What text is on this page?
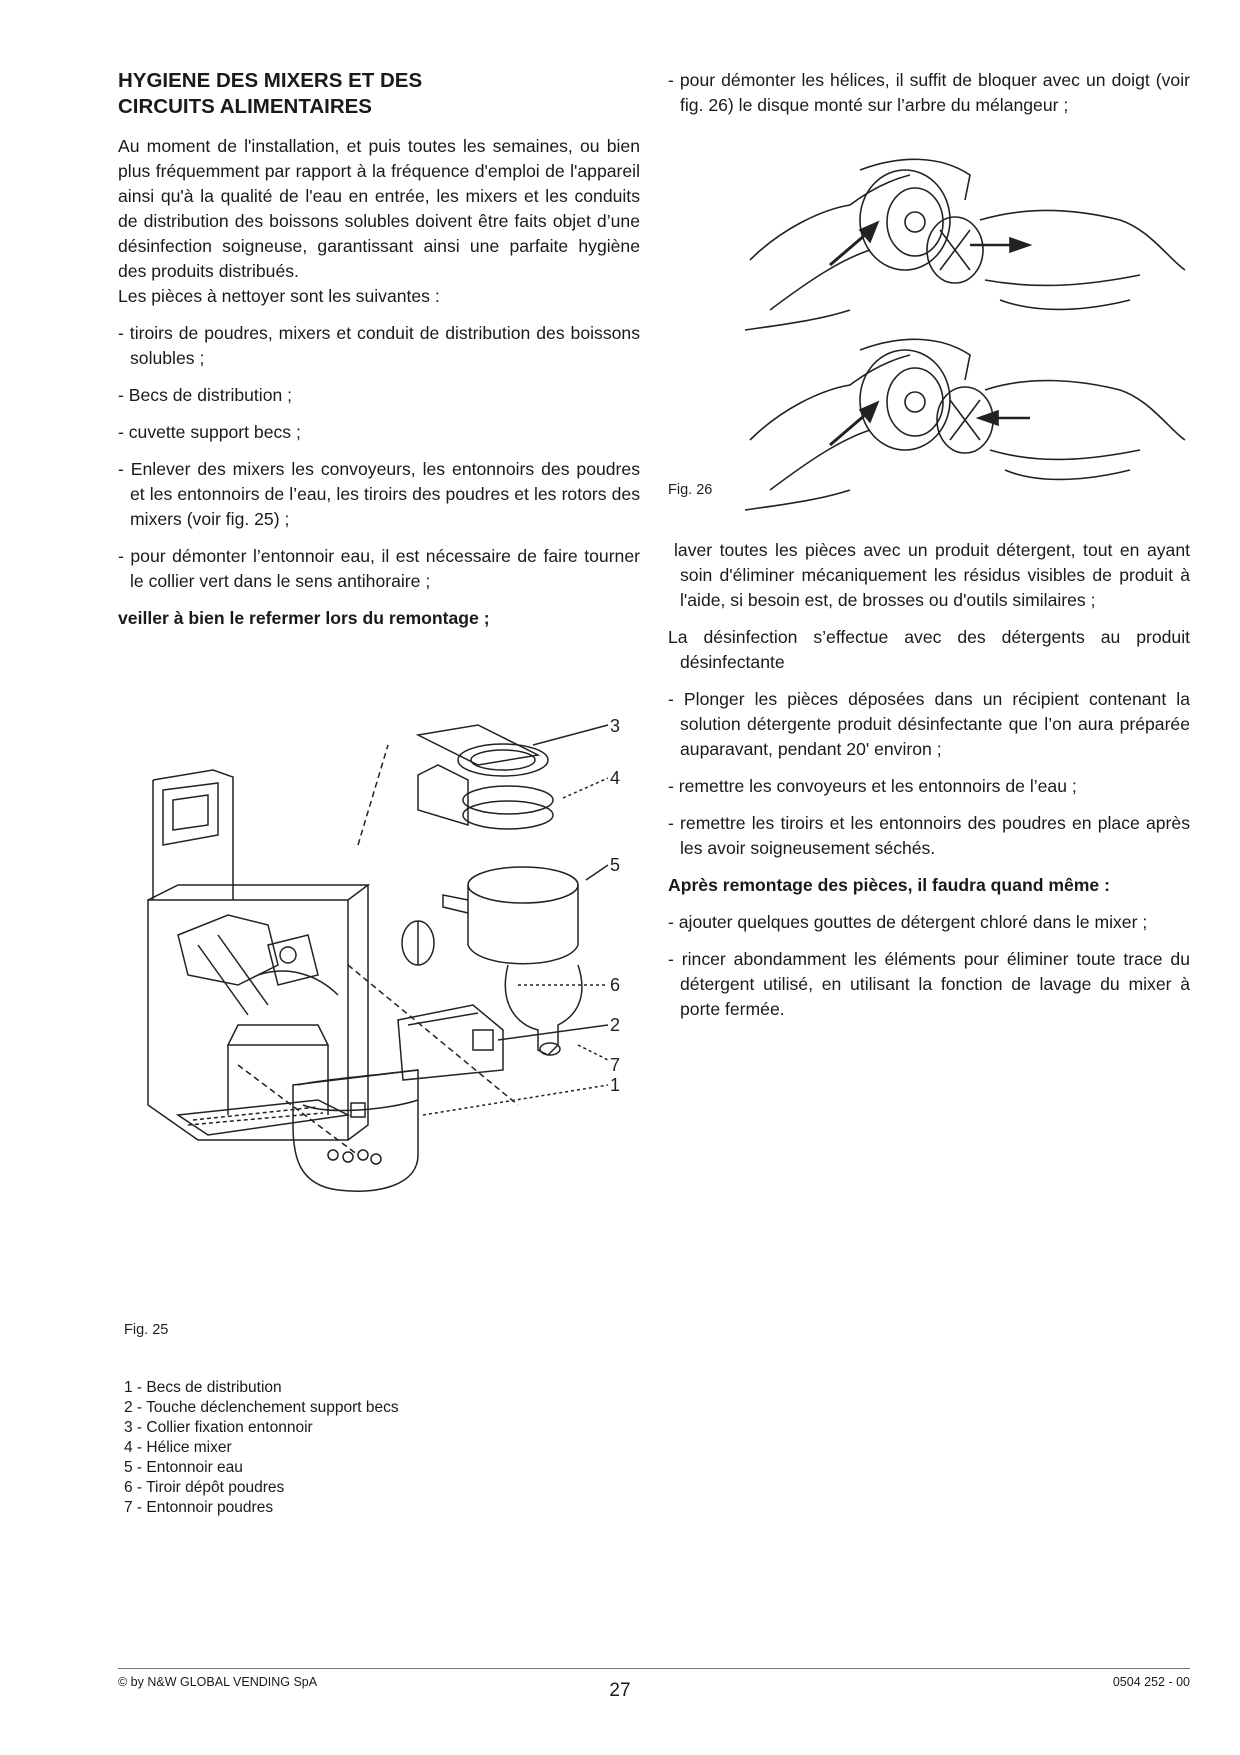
HYGIENE DES MIXERS ET DES
CIRCUITS ALIMENTAIRES

Au moment de l'installation, et puis toutes les semaines, ou bien plus fréquemment par rapport à la fréquence d'emploi de l'appareil ainsi qu'à la qualité de l'eau en entrée, les mixers et les conduits de distribution des boissons solubles doivent être faits objet d’une désinfection soigneuse, garantissant ainsi une parfaite hygiène des produits distribués.

Les pièces à nettoyer sont les suivantes :

- tiroirs de poudres, mixers et conduit de distribution des boissons solubles ;

- Becs de distribution ;

- cuvette support becs ;

- Enlever des mixers les convoyeurs, les entonnoirs des poudres et les entonnoirs de l’eau, les tiroirs des poudres et les rotors des mixers (voir fig. 25) ;

- pour démonter l’entonnoir eau, il est nécessaire de faire tourner le collier vert dans le sens antihoraire ;

veiller à bien le refermer lors du remontage ;

- pour démonter les hélices, il suffit de bloquer avec un doigt (voir fig. 26) le disque monté sur l’arbre du mélangeur ;

laver toutes les pièces avec un produit détergent, tout en ayant soin d'éliminer mécaniquement les résidus visibles de produit à l'aide, si besoin est, de brosses ou d'outils similaires ;

La désinfection s’effectue avec des détergents au produit désinfectante

- Plonger les pièces déposées dans un récipient contenant la solution détergente produit désinfectante que l’on aura préparée auparavant, pendant 20' environ ;

- remettre les convoyeurs et les entonnoirs de l’eau ;

- remettre les tiroirs et les entonnoirs des poudres en place après les avoir soigneusement séchés.

Après remontage des pièces, il faudra quand même :

- ajouter quelques gouttes de détergent chloré dans le mixer ;

- rincer abondamment les éléments pour éliminer toute trace du détergent utilisé, en utilisant la fonction de lavage du mixer à porte fermée.

Fig. 26
3
4
5
6
7
2
1
Fig. 25
1 - Becs de distribution
2 - Touche déclenchement support becs
3 - Collier fixation entonnoir
4 - Hélice mixer
5 - Entonnoir eau
6 - Tiroir dépôt poudres
7 - Entonnoir poudres
© by N&W GLOBAL VENDING SpA	27	0504 252 - 00
